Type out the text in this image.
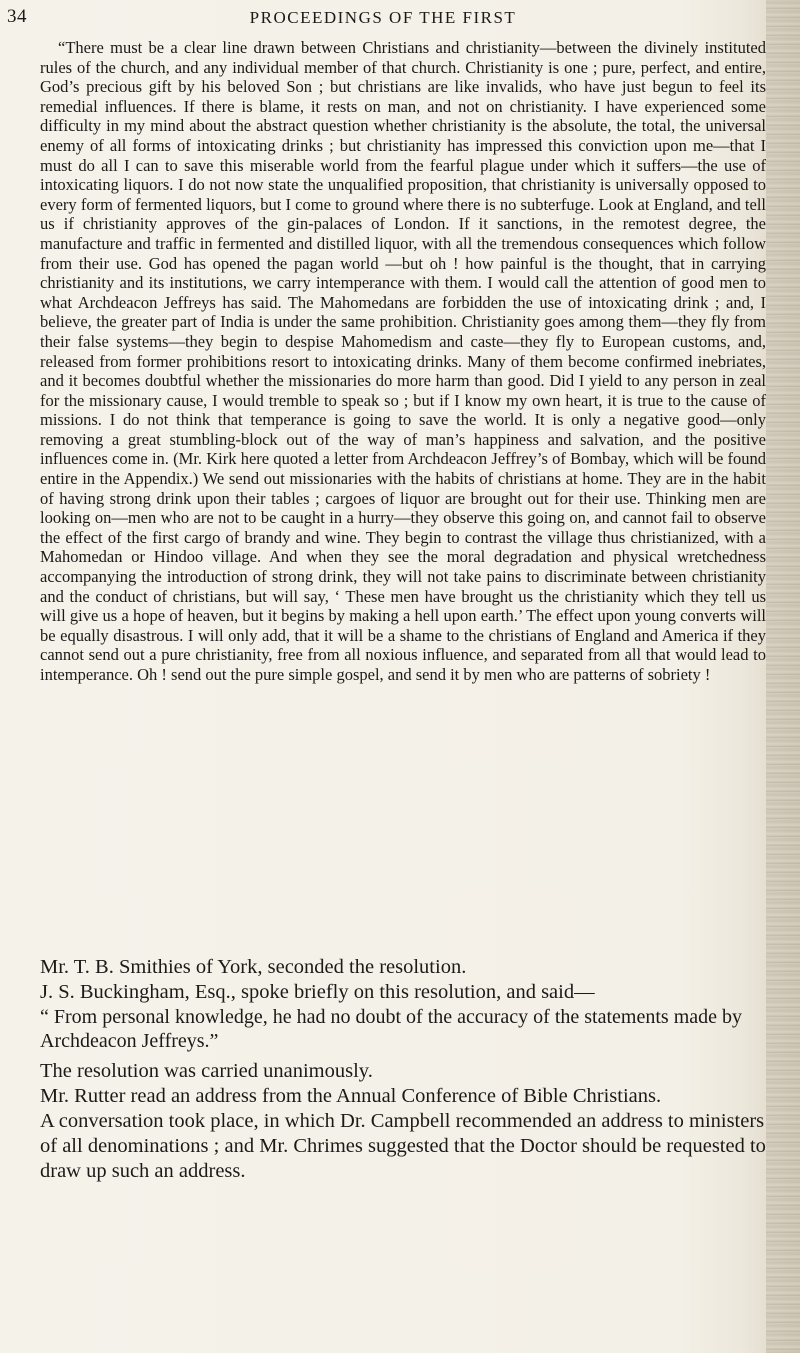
34	PROCEEDINGS OF THE FIRST

“There must be a clear line drawn between Christians and christianity—between the divinely instituted rules of the church, and any individual member of that church. Christianity is one ; pure, perfect, and entire, God’s precious gift by his beloved Son ; but christians are like invalids, who have just begun to feel its remedial influences. If there is blame, it rests on man, and not on christianity. I have experienced some difficulty in my mind about the abstract question whether christianity is the absolute, the total, the universal enemy of all forms of intoxicating drinks ; but christianity has impressed this conviction upon me—that I must do all I can to save this miserable world from the fearful plague under which it suffers—the use of intoxicating liquors. I do not now state the unqualified proposition, that christianity is universally opposed to every form of fermented liquors, but I come to ground where there is no subterfuge. Look at England, and tell us if christianity approves of the gin-palaces of London. If it sanctions, in the remotest degree, the manufacture and traffic in fermented and distilled liquor, with all the tremendous consequences which follow from their use. God has opened the pagan world —but oh ! how painful is the thought, that in carrying christianity and its institutions, we carry intemperance with them. I would call the attention of good men to what Archdeacon Jeffreys has said. The Mahomedans are forbidden the use of intoxicating drink ; and, I believe, the greater part of India is under the same prohibition. Christianity goes among them—they fly from their false systems—they begin to despise Mahomedism and caste—they fly to European customs, and, released from former prohibitions resort to intoxicating drinks. Many of them become confirmed inebriates, and it becomes doubtful whether the missionaries do more harm than good. Did I yield to any person in zeal for the missionary cause, I would tremble to speak so ; but if I know my own heart, it is true to the cause of missions. I do not think that temperance is going to save the world. It is only a negative good—only removing a great stumbling-block out of the way of man’s happiness and salvation, and the positive influences come in. (Mr. Kirk here quoted a letter from Archdeacon Jeffrey’s of Bombay, which will be found entire in the Appendix.) We send out missionaries with the habits of christians at home. They are in the habit of having strong drink upon their tables ; cargoes of liquor are brought out for their use. Thinking men are looking on—men who are not to be caught in a hurry—they observe this going on, and cannot fail to observe the effect of the first cargo of brandy and wine. They begin to contrast the village thus christianized, with a Mahomedan or Hindoo village. And when they see the moral degradation and physical wretchedness accompanying the introduction of strong drink, they will not take pains to discriminate between christianity and the conduct of christians, but will say, ‘ These men have brought us the christianity which they tell us will give us a hope of heaven, but it begins by making a hell upon earth.’ The effect upon young converts will be equally disastrous. I will only add, that it will be a shame to the christians of England and America if they cannot send out a pure christianity, free from all noxious influence, and separated from all that would lead to intemperance. Oh ! send out the pure simple gospel, and send it by men who are patterns of sobriety !

Mr. T. B. Smithies of York, seconded the resolution.

J. S. Buckingham, Esq., spoke briefly on this resolution, and said—

“ From personal knowledge, he had no doubt of the accuracy of the statements made by Archdeacon Jeffreys.”

The resolution was carried unanimously.

Mr. Rutter read an address from the Annual Conference of Bible Christians.

A conversation took place, in which Dr. Campbell recommended an address to ministers of all denominations ; and Mr. Chrimes suggested that the Doctor should be requested to draw up such an address.
